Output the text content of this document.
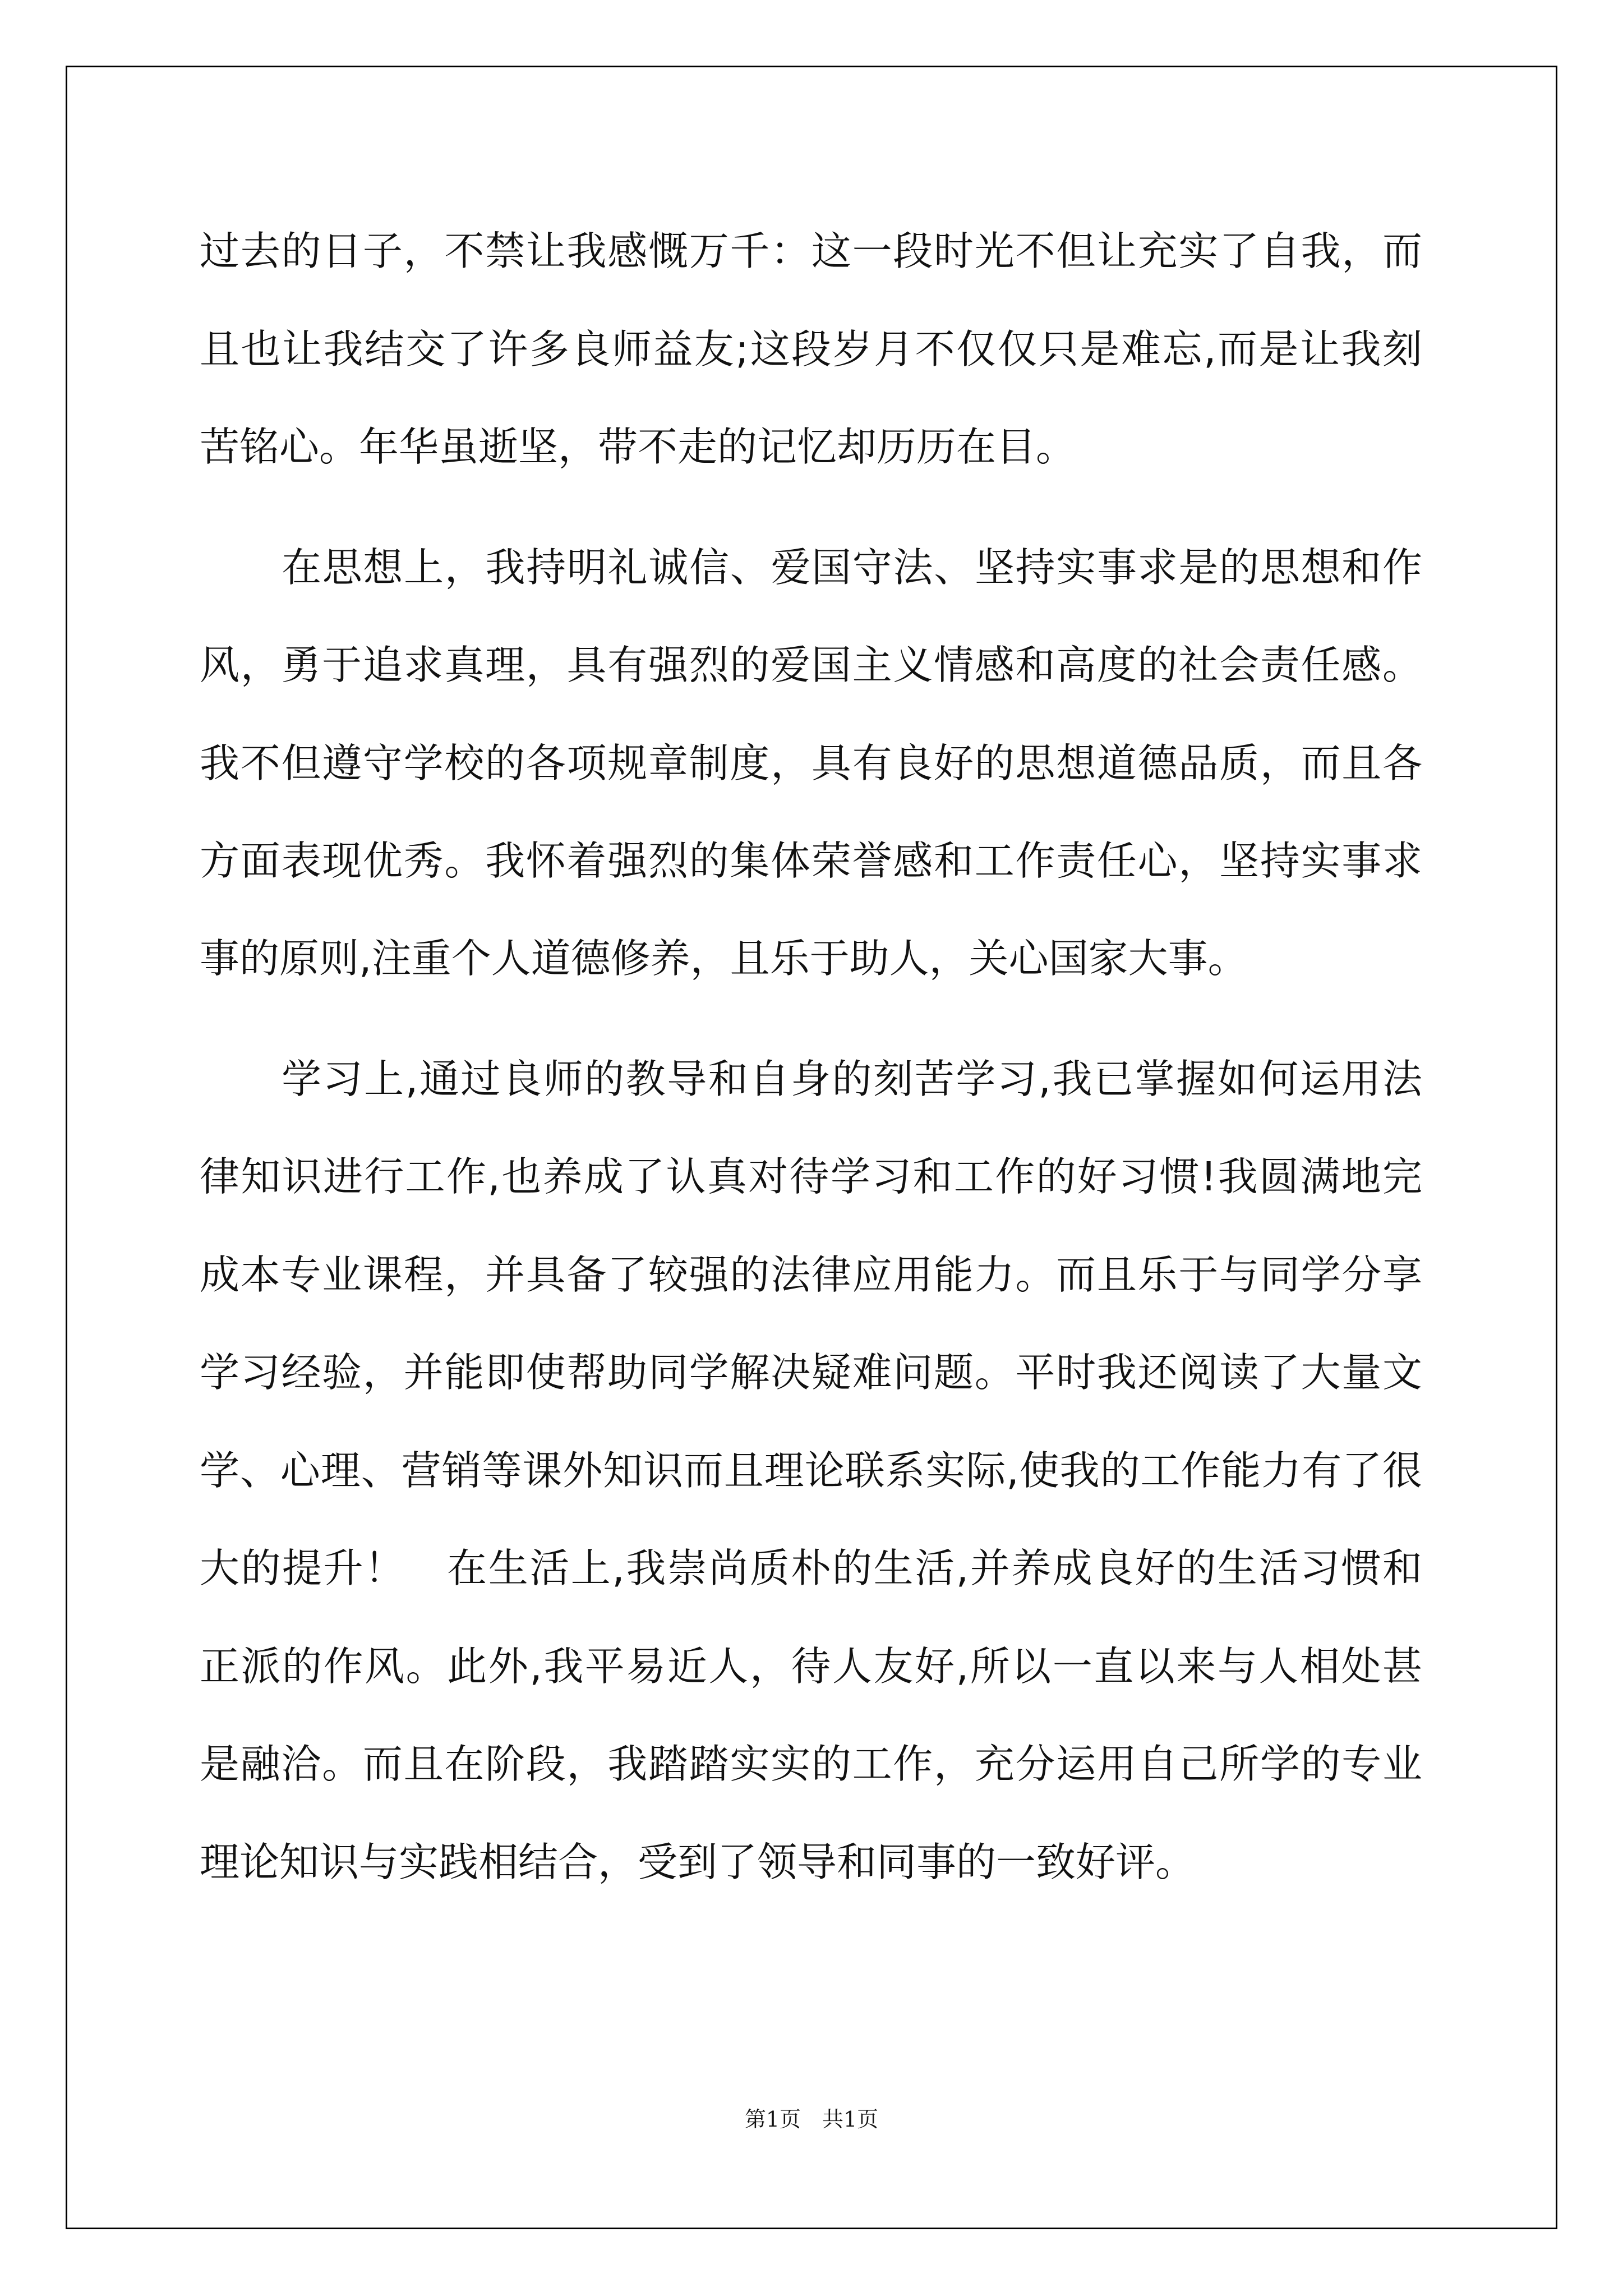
过去的日子，不禁让我感慨万千：这一段时光不但让充实了自我，而
且也让我结交了许多良师益友;这段岁月不仅仅只是难忘,而是让我刻
苦铭心。年华虽逝坚，带不走的记忆却历历在目。
在思想上，我持明礼诚信、爱国守法、坚持实事求是的思想和作
风，勇于追求真理，具有强烈的爱国主义情感和高度的社会责任感。
我不但遵守学校的各项规章制度，具有良好的思想道德品质，而且各
方面表现优秀。我怀着强烈的集体荣誉感和工作责任心，坚持实事求
事的原则,注重个人道德修养，且乐于助人，关心国家大事。
学习上,通过良师的教导和自身的刻苦学习,我已掌握如何运用法
律知识进行工作,也养成了认真对待学习和工作的好习惯!我圆满地完
成本专业课程，并具备了较强的法律应用能力。而且乐于与同学分享
学习经验，并能即使帮助同学解决疑难问题。平时我还阅读了大量文
学、心理、营销等课外知识而且理论联系实际,使我的工作能力有了很
大的提升！　在生活上,我崇尚质朴的生活,并养成良好的生活习惯和
正派的作风。此外,我平易近人，待人友好,所以一直以来与人相处甚
是融洽。而且在阶段，我踏踏实实的工作，充分运用自己所学的专业
理论知识与实践相结合，受到了领导和同事的一致好评。
第1页　共1页
